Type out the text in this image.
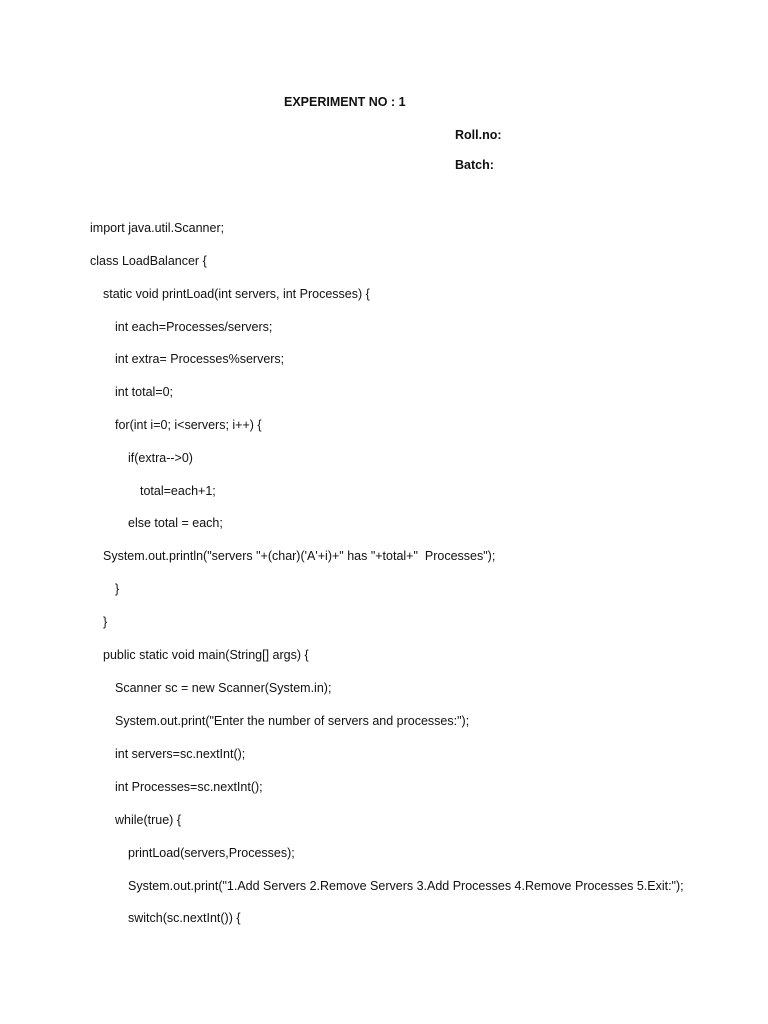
EXPERIMENT NO : 1
Roll.no:
Batch:
import java.util.Scanner;
class LoadBalancer {
static void printLoad(int servers, int Processes) {
int each=Processes/servers;
int extra= Processes%servers;
int total=0;
for(int i=0; i<servers; i++) {
if(extra-->0)
total=each+1;
else total = each;
System.out.println("servers "+(char)('A'+i)+" has "+total+"  Processes");
}
}
public static void main(String[] args) {
Scanner sc = new Scanner(System.in);
System.out.print("Enter the number of servers and processes:");
int servers=sc.nextInt();
int Processes=sc.nextInt();
while(true) {
printLoad(servers,Processes);
System.out.print("1.Add Servers 2.Remove Servers 3.Add Processes 4.Remove Processes 5.Exit:");
switch(sc.nextInt()) {
